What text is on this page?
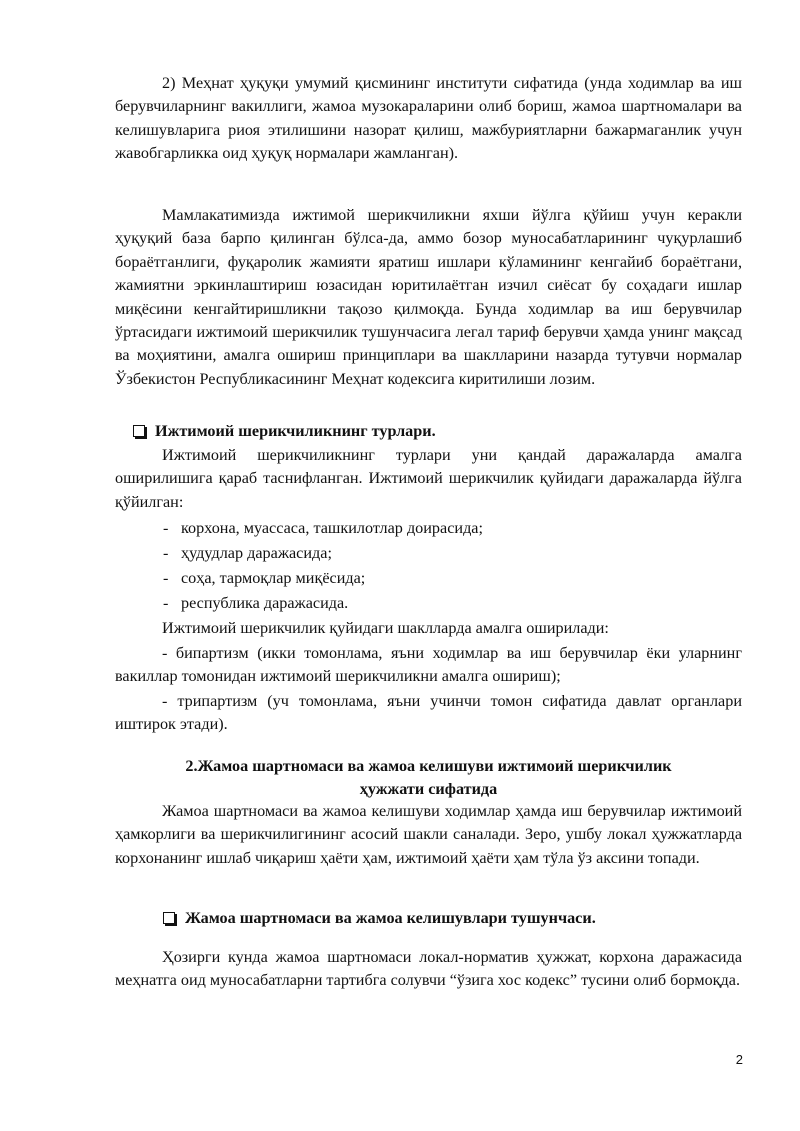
2) Меҳнат ҳуқуқи умумий қисмининг институти сифатида (унда ходимлар ва иш берувчиларнинг вакиллиги, жамоа музокараларини олиб бориш, жамоа шартномалари ва келишувларига риоя этилишини назорат қилиш, мажбуриятларни бажармаганлик учун жавобгарликка оид ҳуқуқ нормалари жамланган).

Мамлакатимизда ижтимой шерикчиликни яхши йўлга қўйиш учун керакли ҳуқуқий база барпо қилинган бўлса-да, аммо бозор муносабатларининг чуқурлашиб бораётганлиги, фуқаролик жамияти яратиш ишлари кўламининг кенгайиб бораётгани, жамиятни эркинлаштириш юзасидан юритилаётган изчил сиёсат бу соҳадаги ишлар миқёсини кенгайтиришликни тақозо қилмоқда. Бунда ходимлар ва иш берувчилар ўртасидаги ижтимоий шерикчилик тушунчасига легал тариф берувчи ҳамда унинг мақсад ва моҳиятини, амалга ошириш принциплари ва шаклларини назарда тутувчи нормалар Ўзбекистон Республикасининг Меҳнат кодексига киритилиши лозим.

Ижтимоий шерикчиликнинг турлари.

Ижтимоий шерикчиликнинг турлари уни қандай даражаларда амалга оширилишига қараб таснифланган. Ижтимоий шерикчилик қуйидаги даражаларда йўлга қўйилган:

- корхона, муассаса, ташкилотлар доирасида;
- ҳудудлар даражасида;
- соҳа, тармоқлар миқёсида;
- республика даражасида.

Ижтимоий шерикчилик қуйидаги шаклларда амалга оширилади:

- бипартизм (икки томонлама, яъни ходимлар ва иш берувчилар ёки уларнинг вакиллар томонидан ижтимоий шерикчиликни амалга ошириш);

- трипартизм (уч томонлама, яъни учинчи томон сифатида давлат органлари иштирок этади).

2.Жамоа шартномаси ва жамоа келишуви ижтимоий шерикчилик
ҳужжати сифатида

Жамоа шартномаси ва жамоа келишуви ходимлар ҳамда иш берувчилар ижтимоий ҳамкорлиги ва шерикчилигининг асосий шакли саналади. Зеро, ушбу локал ҳужжатларда корхонанинг ишлаб чиқариш ҳаёти ҳам, ижтимоий ҳаёти ҳам тўла ўз аксини топади.

Жамоа шартномаси ва жамоа келишувлари тушунчаси.

Ҳозирги кунда жамоа шартномаси локал-норматив ҳужжат, корхона даражасида меҳнатга оид муносабатларни тартибга солувчи “ўзига хос кодекс” тусини олиб бормоқда.

2
